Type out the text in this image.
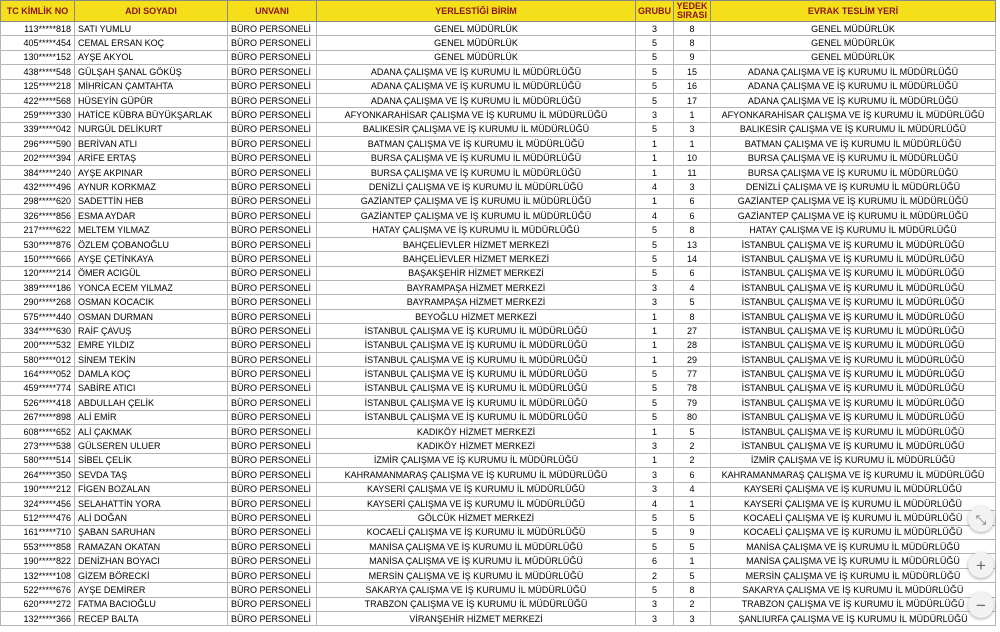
TC KİMLİK NO	ADI SOYADI	UNVANI	YERLESTİĞİ BİRİM	GRUBU	YEDEK
SIRASI	EVRAK TESLİM YERİ
113*****818	SATI YUMLU	BÜRO PERSONELİ	GENEL MÜDÜRLÜK	3	8	GENEL MÜDÜRLÜK
405*****454	CEMAL ERSAN KOÇ	BÜRO PERSONELİ	GENEL MÜDÜRLÜK	5	8	GENEL MÜDÜRLÜK
130*****152	AYŞE AKYOL	BÜRO PERSONELİ	GENEL MÜDÜRLÜK	5	9	GENEL MÜDÜRLÜK
438*****548	GÜLŞAH ŞANAL GÖKÜŞ	BÜRO PERSONELİ	ADANA ÇALIŞMA VE İŞ KURUMU İL MÜDÜRLÜĞÜ	5	15	ADANA ÇALIŞMA VE İŞ KURUMU İL MÜDÜRLÜĞÜ
125*****218	MİHRİCAN ÇAMTAHTA	BÜRO PERSONELİ	ADANA ÇALIŞMA VE İŞ KURUMU İL MÜDÜRLÜĞÜ	5	16	ADANA ÇALIŞMA VE İŞ KURUMU İL MÜDÜRLÜĞÜ
422*****568	HÜSEYİN GÜPÜR	BÜRO PERSONELİ	ADANA ÇALIŞMA VE İŞ KURUMU İL MÜDÜRLÜĞÜ	5	17	ADANA ÇALIŞMA VE İŞ KURUMU İL MÜDÜRLÜĞÜ
259*****330	HATİCE KÜBRA BÜYÜKŞARLAK	BÜRO PERSONELİ	AFYONKARAHİSAR ÇALIŞMA VE İŞ KURUMU İL MÜDÜRLÜĞÜ	3	1	AFYONKARAHİSAR ÇALIŞMA VE İŞ KURUMU İL MÜDÜRLÜĞÜ
339*****042	NURGÜL DELİKURT	BÜRO PERSONELİ	BALIKESİR ÇALIŞMA VE İŞ KURUMU İL MÜDÜRLÜĞÜ	5	3	BALIKESİR ÇALIŞMA VE İŞ KURUMU İL MÜDÜRLÜĞÜ
296*****590	BERİVAN ATLI	BÜRO PERSONELİ	BATMAN ÇALIŞMA VE İŞ KURUMU İL MÜDÜRLÜĞÜ	1	1	BATMAN ÇALIŞMA VE İŞ KURUMU İL MÜDÜRLÜĞÜ
202*****394	ARİFE ERTAŞ	BÜRO PERSONELİ	BURSA ÇALIŞMA VE İŞ KURUMU İL MÜDÜRLÜĞÜ	1	10	BURSA ÇALIŞMA VE İŞ KURUMU İL MÜDÜRLÜĞÜ
384*****240	AYŞE AKPINAR	BÜRO PERSONELİ	BURSA ÇALIŞMA VE İŞ KURUMU İL MÜDÜRLÜĞÜ	1	11	BURSA ÇALIŞMA VE İŞ KURUMU İL MÜDÜRLÜĞÜ
432*****496	AYNUR KORKMAZ	BÜRO PERSONELİ	DENİZLİ ÇALIŞMA VE İŞ KURUMU İL MÜDÜRLÜĞÜ	4	3	DENİZLİ ÇALIŞMA VE İŞ KURUMU İL MÜDÜRLÜĞÜ
298*****620	SADETTİN HEB	BÜRO PERSONELİ	GAZİANTEP ÇALIŞMA VE İŞ KURUMU İL MÜDÜRLÜĞÜ	1	6	GAZİANTEP ÇALIŞMA VE İŞ KURUMU İL MÜDÜRLÜĞÜ
326*****856	ESMA AYDAR	BÜRO PERSONELİ	GAZİANTEP ÇALIŞMA VE İŞ KURUMU İL MÜDÜRLÜĞÜ	4	6	GAZİANTEP ÇALIŞMA VE İŞ KURUMU İL MÜDÜRLÜĞÜ
217*****622	MELTEM YILMAZ	BÜRO PERSONELİ	HATAY ÇALIŞMA VE İŞ KURUMU İL MÜDÜRLÜĞÜ	5	8	HATAY ÇALIŞMA VE İŞ KURUMU İL MÜDÜRLÜĞÜ
530*****876	ÖZLEM ÇOBANOĞLU	BÜRO PERSONELİ	BAHÇELİEVLER HİZMET MERKEZİ	5	13	İSTANBUL ÇALIŞMA VE İŞ KURUMU İL MÜDÜRLÜĞÜ
150*****666	AYŞE ÇETİNKAYA	BÜRO PERSONELİ	BAHÇELİEVLER HİZMET MERKEZİ	5	14	İSTANBUL ÇALIŞMA VE İŞ KURUMU İL MÜDÜRLÜĞÜ
120*****214	ÖMER ACIGÜL	BÜRO PERSONELİ	BAŞAKŞEHİR HİZMET MERKEZİ	5	6	İSTANBUL ÇALIŞMA VE İŞ KURUMU İL MÜDÜRLÜĞÜ
389*****186	YONCA ECEM YILMAZ	BÜRO PERSONELİ	BAYRAMPAŞA HİZMET MERKEZİ	3	4	İSTANBUL ÇALIŞMA VE İŞ KURUMU İL MÜDÜRLÜĞÜ
290*****268	OSMAN KOCACIK	BÜRO PERSONELİ	BAYRAMPAŞA HİZMET MERKEZİ	3	5	İSTANBUL ÇALIŞMA VE İŞ KURUMU İL MÜDÜRLÜĞÜ
575*****440	OSMAN DURMAN	BÜRO PERSONELİ	BEYOĞLU HİZMET MERKEZİ	1	8	İSTANBUL ÇALIŞMA VE İŞ KURUMU İL MÜDÜRLÜĞÜ
334*****630	RAİF ÇAVUŞ	BÜRO PERSONELİ	İSTANBUL ÇALIŞMA VE İŞ KURUMU İL MÜDÜRLÜĞÜ	1	27	İSTANBUL ÇALIŞMA VE İŞ KURUMU İL MÜDÜRLÜĞÜ
200*****532	EMRE YILDIZ	BÜRO PERSONELİ	İSTANBUL ÇALIŞMA VE İŞ KURUMU İL MÜDÜRLÜĞÜ	1	28	İSTANBUL ÇALIŞMA VE İŞ KURUMU İL MÜDÜRLÜĞÜ
580*****012	SİNEM TEKİN	BÜRO PERSONELİ	İSTANBUL ÇALIŞMA VE İŞ KURUMU İL MÜDÜRLÜĞÜ	1	29	İSTANBUL ÇALIŞMA VE İŞ KURUMU İL MÜDÜRLÜĞÜ
164*****052	DAMLA KOÇ	BÜRO PERSONELİ	İSTANBUL ÇALIŞMA VE İŞ KURUMU İL MÜDÜRLÜĞÜ	5	77	İSTANBUL ÇALIŞMA VE İŞ KURUMU İL MÜDÜRLÜĞÜ
459*****774	SABİRE ATICI	BÜRO PERSONELİ	İSTANBUL ÇALIŞMA VE İŞ KURUMU İL MÜDÜRLÜĞÜ	5	78	İSTANBUL ÇALIŞMA VE İŞ KURUMU İL MÜDÜRLÜĞÜ
526*****418	ABDULLAH ÇELİK	BÜRO PERSONELİ	İSTANBUL ÇALIŞMA VE İŞ KURUMU İL MÜDÜRLÜĞÜ	5	79	İSTANBUL ÇALIŞMA VE İŞ KURUMU İL MÜDÜRLÜĞÜ
267*****898	ALİ EMİR	BÜRO PERSONELİ	İSTANBUL ÇALIŞMA VE İŞ KURUMU İL MÜDÜRLÜĞÜ	5	80	İSTANBUL ÇALIŞMA VE İŞ KURUMU İL MÜDÜRLÜĞÜ
608*****652	ALİ ÇAKMAK	BÜRO PERSONELİ	KADIKÖY HİZMET MERKEZİ	1	5	İSTANBUL ÇALIŞMA VE İŞ KURUMU İL MÜDÜRLÜĞÜ
273*****538	GÜLSEREN ULUER	BÜRO PERSONELİ	KADIKÖY HİZMET MERKEZİ	3	2	İSTANBUL ÇALIŞMA VE İŞ KURUMU İL MÜDÜRLÜĞÜ
580*****514	SİBEL ÇELİK	BÜRO PERSONELİ	İZMİR ÇALIŞMA VE İŞ KURUMU İL MÜDÜRLÜĞÜ	1	2	İZMİR ÇALIŞMA VE İŞ KURUMU İL MÜDÜRLÜĞÜ
264*****350	SEVDA TAŞ	BÜRO PERSONELİ	KAHRAMANMARAŞ ÇALIŞMA VE İŞ KURUMU İL MÜDÜRLÜĞÜ	3	6	KAHRAMANMARAŞ ÇALIŞMA VE İŞ KURUMU İL MÜDÜRLÜĞÜ
190*****212	FİGEN BOZALAN	BÜRO PERSONELİ	KAYSERİ ÇALIŞMA VE İŞ KURUMU İL MÜDÜRLÜĞÜ	3	4	KAYSERİ ÇALIŞMA VE İŞ KURUMU İL MÜDÜRLÜĞÜ
324*****456	SELAHATTİN YORA	BÜRO PERSONELİ	KAYSERİ ÇALIŞMA VE İŞ KURUMU İL MÜDÜRLÜĞÜ	4	1	KAYSERİ ÇALIŞMA VE İŞ KURUMU İL MÜDÜRLÜĞÜ
512*****476	ALİ DOĞAN	BÜRO PERSONELİ	GÖLCÜK HİZMET MERKEZİ	5	5	KOCAELİ ÇALIŞMA VE İŞ KURUMU İL MÜDÜRLÜĞÜ
161*****710	ŞABAN SARUHAN	BÜRO PERSONELİ	KOCAELİ ÇALIŞMA VE İŞ KURUMU İL MÜDÜRLÜĞÜ	5	9	KOCAELİ ÇALIŞMA VE İŞ KURUMU İL MÜDÜRLÜĞÜ
553*****858	RAMAZAN OKATAN	BÜRO PERSONELİ	MANİSA ÇALIŞMA VE İŞ KURUMU İL MÜDÜRLÜĞÜ	5	5	MANİSA ÇALIŞMA VE İŞ KURUMU İL MÜDÜRLÜĞÜ
190*****822	DENİZHAN BOYACI	BÜRO PERSONELİ	MANİSA ÇALIŞMA VE İŞ KURUMU İL MÜDÜRLÜĞÜ	6	1	MANİSA ÇALIŞMA VE İŞ KURUMU İL MÜDÜRLÜĞÜ
132*****108	GİZEM BÖRECKİ	BÜRO PERSONELİ	MERSİN ÇALIŞMA VE İŞ KURUMU İL MÜDÜRLÜĞÜ	2	5	MERSİN ÇALIŞMA VE İŞ KURUMU İL MÜDÜRLÜĞÜ
522*****676	AYŞE DEMİRER	BÜRO PERSONELİ	SAKARYA ÇALIŞMA VE İŞ KURUMU İL MÜDÜRLÜĞÜ	5	8	SAKARYA ÇALIŞMA VE İŞ KURUMU İL MÜDÜRLÜĞÜ
620*****272	FATMA BACIOĞLU	BÜRO PERSONELİ	TRABZON ÇALIŞMA VE İŞ KURUMU İL MÜDÜRLÜĞÜ	3	2	TRABZON ÇALIŞMA VE İŞ KURUMU İL MÜDÜRLÜĞÜ
132*****366	RECEP BALTA	BÜRO PERSONELİ	VİRANŞEHİR HİZMET MERKEZİ	3	3	ŞANLIURFA ÇALIŞMA VE İŞ KURUMU İL MÜDÜRLÜĞÜ
⤡
+
−
